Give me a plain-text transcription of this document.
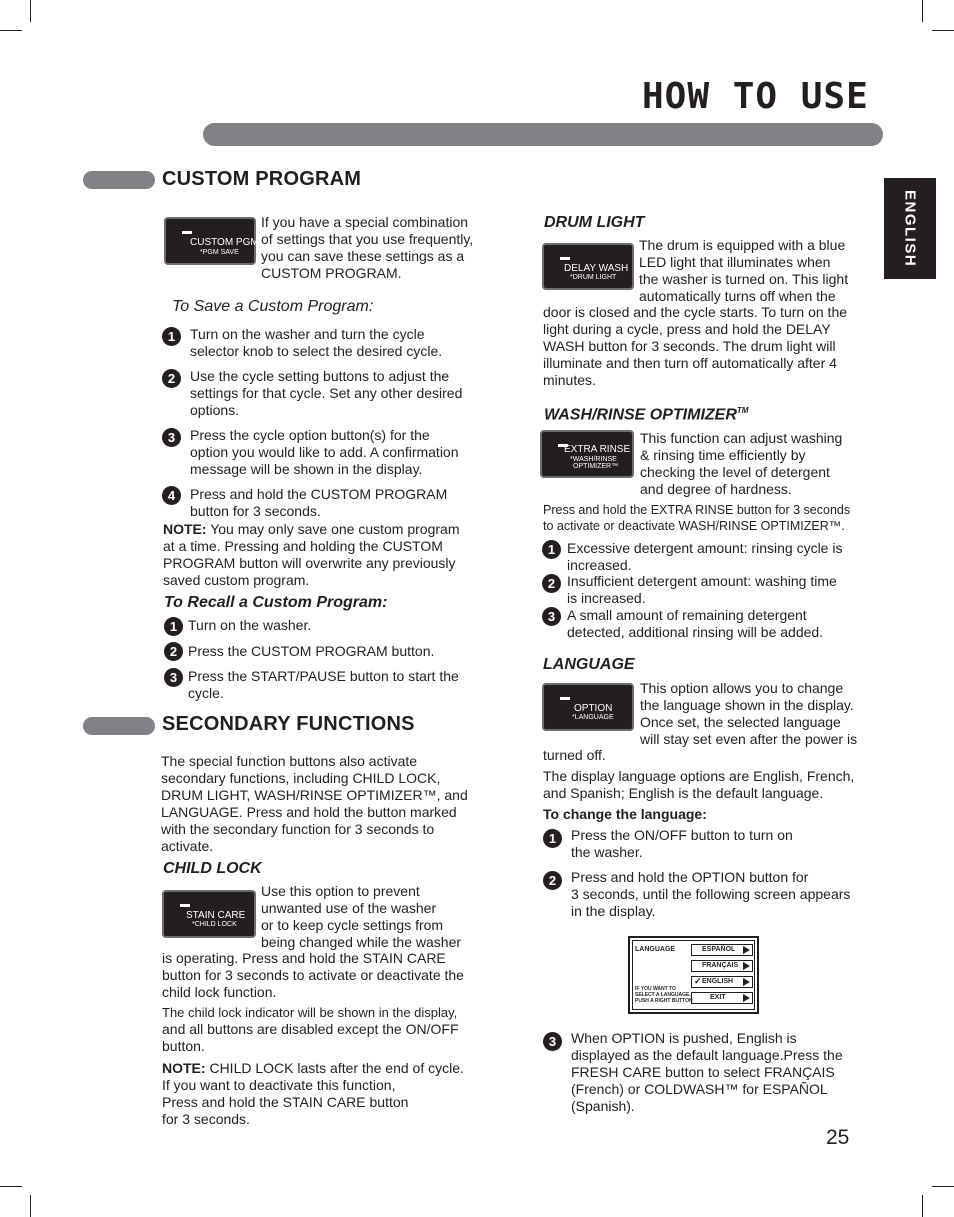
HOW TO USE
ENGLISH
CUSTOM PROGRAM
CUSTOM PGM
*PGM SAVE
If you have a special combination
of settings that you use frequently,
you can save these settings as a
CUSTOM PROGRAM.
To Save a Custom Program:
1	Turn on the washer and turn the cycle
selector knob to select the desired cycle.
2	Use the cycle setting buttons to adjust the
settings for that cycle. Set any other desired
options.
3	Press the cycle option button(s) for the
option you would like to add. A confirmation
message will be shown in the display.
4	Press and hold the CUSTOM PROGRAM
button for 3 seconds.
NOTE: You may only save one custom program
at a time. Pressing and holding the CUSTOM
PROGRAM button will overwrite any previously
saved custom program.
To Recall a Custom Program:
1 Turn on the washer.
2 Press the CUSTOM PROGRAM button.
3 Press the START/PAUSE button to start the
cycle.
SECONDARY FUNCTIONS
The special function buttons also activate
secondary functions, including CHILD LOCK,
DRUM LIGHT, WASH/RINSE OPTIMIZER™, and
LANGUAGE. Press and hold the button marked
with the secondary function for 3 seconds to
activate.
CHILD LOCK
STAIN CARE
*CHILD LOCK
Use this option to prevent
unwanted use of the washer
or to keep cycle settings from
being changed while the washer
is operating. Press and hold the STAIN CARE
button for 3 seconds to activate or deactivate the
child lock function.
The child lock indicator will be shown in the display,
and all buttons are disabled except the ON/OFF
button.
NOTE: CHILD LOCK lasts after the end of cycle.
If you want to deactivate this function,
Press and hold the STAIN CARE button
for 3 seconds.
DRUM LIGHT
DELAY WASH
*DRUM LIGHT
The drum is equipped with a blue
LED light that illuminates when
the washer is turned on. This light
automatically turns off when the
door is closed and the cycle starts. To turn on the
light during a cycle, press and hold the DELAY
WASH button for 3 seconds. The drum light will
illuminate and then turn off automatically after 4
minutes.
WASH/RINSE OPTIMIZER™
EXTRA RINSE
*WASH/RINSE
OPTIMIZER™
This function can adjust washing
& rinsing time efficiently by
checking the level of detergent
and degree of hardness.
Press and hold the EXTRA RINSE button for 3 seconds
to activate or deactivate WASH/RINSE OPTIMIZER™.
1 Excessive detergent amount: rinsing cycle is
increased.
2 Insufficient detergent amount: washing time
is increased.
3 A small amount of remaining detergent
detected, additional rinsing will be added.
LANGUAGE
OPTION
*LANGUAGE
This option allows you to change
the language shown in the display.
Once set, the selected language
will stay set even after the power is
turned off.
The display language options are English, French,
and Spanish; English is the default language.
To change the language:
1	Press the ON/OFF button to turn on
the washer.
2	Press and hold the OPTION button for
3 seconds, until the following screen appears
in the display.
LANGUAGE	ESPAÑOL
FRANÇAIS
✓ ENGLISH
EXIT
IF YOU WANT TO
SELECT A LANGUAGE,
PUSH A RIGHT BUTTON
3	When OPTION is pushed, English is
displayed as the default language.Press the
FRESH CARE button to select FRANÇAIS
(French) or COLDWASH™ for ESPAÑOL
(Spanish).
25
